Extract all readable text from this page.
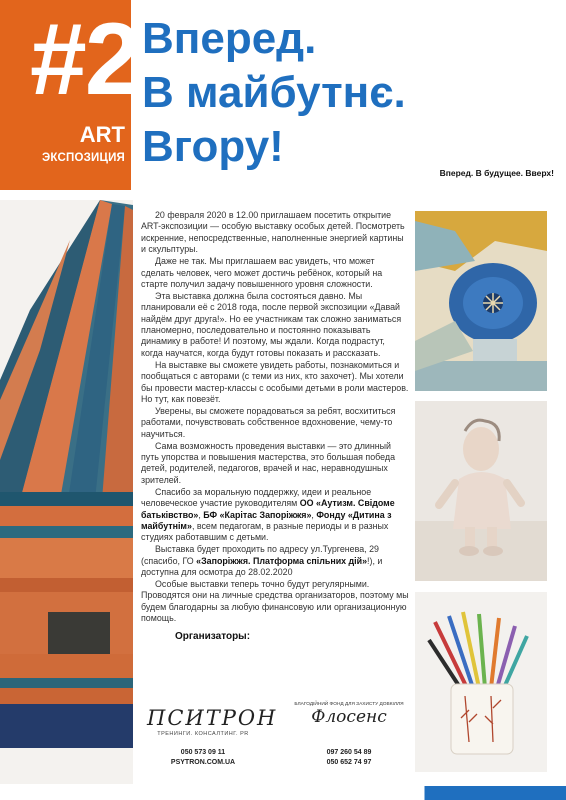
#2
ART
ЭКСПОЗИЦИЯ
Вперед.
В майбутнє.
Вгору!
Вперед. В будущее. Вверх!

20 февраля 2020 в 12.00 приглашаем посетить открытие ART-экспозиции — особую выставку особых детей. Посмотреть искренние, непосредственные, наполненные энергией картины и скульптуры.

Даже не так. Мы приглашаем вас увидеть, что может сделать человек, чего может достичь ребёнок, который на старте получил задачу повышенного уровня сложности.

Эта выставка должна была состояться давно. Мы планировали её с 2018 года, после первой экспозиции «Давай найдём друг друга!». Но ее участникам так сложно заниматься планомерно, последовательно и постоянно показывать динамику в работе! И поэтому, мы ждали. Когда подрастут, когда научатся, когда будут готовы показать и рассказать.

На выставке вы сможете увидеть работы, познакомиться и пообщаться с авторами (с теми из них, кто захочет). Мы хотели бы провести мастер-классы с особыми детьми в роли мастеров. Но тут, как повезёт.

Уверены, вы сможете порадоваться за ребят, восхититься работами, почувствовать собственное вдохновение, чему-то научиться.

Сама возможность проведения выставки — это длинный путь упорства и повышения мастерства, это большая победа детей, родителей, педагогов, врачей и нас, неравнодушных зрителей.

Спасибо за моральную поддержку, идеи и реальное человеческое участие руководителям ОО «Аутизм. Свідоме батьківство», БФ «Карітас Запоріжжя», Фонду «Дитина з майбутнім», всем педагогам, в разные периоды и в разных студиях работавшим с детьми.

Выставка будет проходить по адресу ул.Тургенева, 29 (спасибо, ГО «Запоріжжя. Платформа спільних дій»!), и доступна для осмотра до 28.02.2020

Особые выставки теперь точно будут регулярными. Проводятся они на личные средства организаторов, поэтому мы будем благодарны за любую финансовую или организационную помощь.

Организаторы:
ПСИТРОН
ТРЕНИНГИ. КОНСАЛТИНГ. PR
БЛАГОДІЙНИЙ ФОНД ДЛЯ ЗАХИСТУ ДОВКІЛЛЯ
Флосенс
050 573 09 11
PSYTRON.COM.UA
097 260 54 89
050 652 74 97
